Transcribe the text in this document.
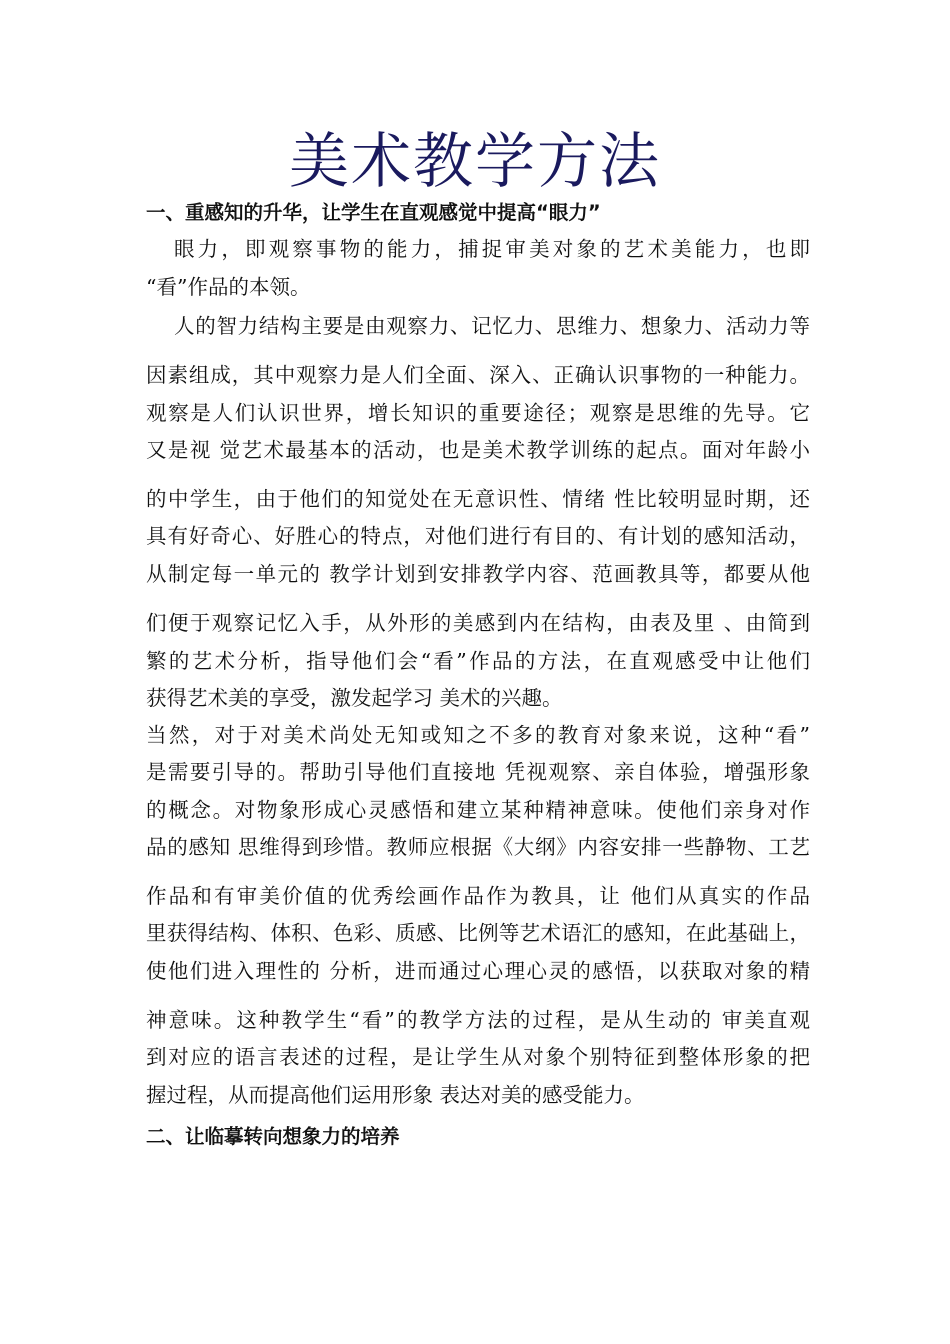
美术教学方法
一、重感知的升华，让学生在直观感觉中提高“眼力”
眼力，即观察事物的能力，捕捉审美对象的艺术美能力，也即
“看”作品的本领。
人的智力结构主要是由观察力、记忆力、思维力、想象力、活动力等
因素组成，其中观察力是人们全面、深入、正确认识事物的一种能力。
观察是人们认识世界，增长知识的重要途径；观察是思维的先导。它
又是视 觉艺术最基本的活动，也是美术教学训练的起点。面对年龄小
的中学生，由于他们的知觉处在无意识性、情绪 性比较明显时期，还
具有好奇心、好胜心的特点，对他们进行有目的、有计划的感知活动，
从制定每一单元的 教学计划到安排教学内容、范画教具等，都要从他
们便于观察记忆入手，从外形的美感到内在结构，由表及里 、由简到
繁的艺术分析，指导他们会“看”作品的方法，在直观感受中让他们
获得艺术美的享受，激发起学习 美术的兴趣。
当然，对于对美术尚处无知或知之不多的教育对象来说，这种“看”
是需要引导的。帮助引导他们直接地 凭视观察、亲自体验，增强形象
的概念。对物象形成心灵感悟和建立某种精神意味。使他们亲身对作
品的感知 思维得到珍惜。教师应根据《大纲》内容安排一些静物、工艺
作品和有审美价值的优秀绘画作品作为教具，让 他们从真实的作品
里获得结构、体积、色彩、质感、比例等艺术语汇的感知，在此基础上，
使他们进入理性的 分析，进而通过心理心灵的感悟，以获取对象的精
神意味。这种教学生“看”的教学方法的过程，是从生动的 审美直观
到对应的语言表述的过程，是让学生从对象个别特征到整体形象的把
握过程，从而提高他们运用形象 表达对美的感受能力。
二、让临摹转向想象力的培养
